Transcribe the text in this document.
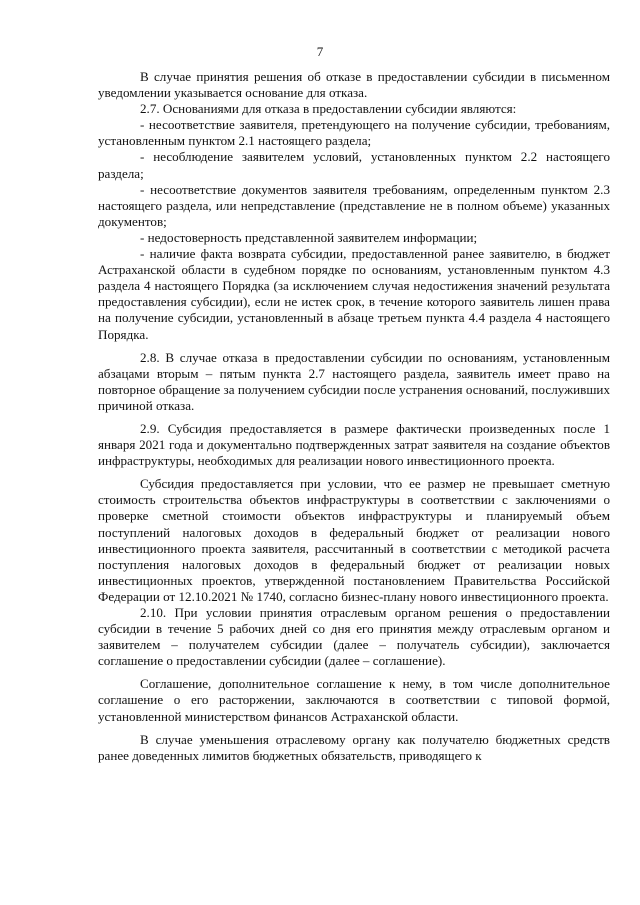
7

В случае принятия решения об отказе в предоставлении субсидии в письменном уведомлении указывается основание для отказа.

2.7. Основаниями для отказа в предоставлении субсидии являются:

- несоответствие заявителя, претендующего на получение субсидии, требованиям, установленным пунктом 2.1 настоящего раздела;

- несоблюдение заявителем условий, установленных пунктом 2.2 настоящего раздела;

- несоответствие документов заявителя требованиям, определенным пунктом 2.3 настоящего раздела, или непредставление (представление не в полном объеме) указанных документов;

- недостоверность представленной заявителем информации;

- наличие факта возврата субсидии, предоставленной ранее заявителю, в бюджет Астраханской области в судебном порядке по основаниям, установленным пунктом 4.3 раздела 4 настоящего Порядка (за исключением случая недостижения значений результата предоставления субсидии), если не истек срок, в течение которого заявитель лишен права на получение субсидии, установленный в абзаце третьем пункта 4.4 раздела 4 настоящего Порядка.

2.8. В случае отказа в предоставлении субсидии по основаниям, установленным абзацами вторым – пятым пункта 2.7 настоящего раздела, заявитель имеет право на повторное обращение за получением субсидии после устранения оснований, послуживших причиной отказа.

2.9. Субсидия предоставляется в размере фактически произведенных после 1 января 2021 года и документально подтвержденных затрат заявителя на создание объектов инфраструктуры, необходимых для реализации нового инвестиционного проекта.

Субсидия предоставляется при условии, что ее размер не превышает сметную стоимость строительства объектов инфраструктуры в соответствии с заключениями о проверке сметной стоимости объектов инфраструктуры и планируемый объем поступлений налоговых доходов в федеральный бюджет от реализации нового инвестиционного проекта заявителя, рассчитанный в соответствии с методикой расчета поступления налоговых доходов в федеральный бюджет от реализации новых инвестиционных проектов, утвержденной постановлением Правительства Российской Федерации от 12.10.2021 № 1740, согласно бизнес-плану нового инвестиционного проекта.

2.10. При условии принятия отраслевым органом решения о предоставлении субсидии в течение 5 рабочих дней со дня его принятия между отраслевым органом и заявителем – получателем субсидии (далее – получатель субсидии), заключается соглашение о предоставлении субсидии (далее – соглашение).

Соглашение, дополнительное соглашение к нему, в том числе дополнительное соглашение о его расторжении, заключаются в соответствии с типовой формой, установленной министерством финансов Астраханской области.

В случае уменьшения отраслевому органу как получателю бюджетных средств ранее доведенных лимитов бюджетных обязательств, приводящего к
